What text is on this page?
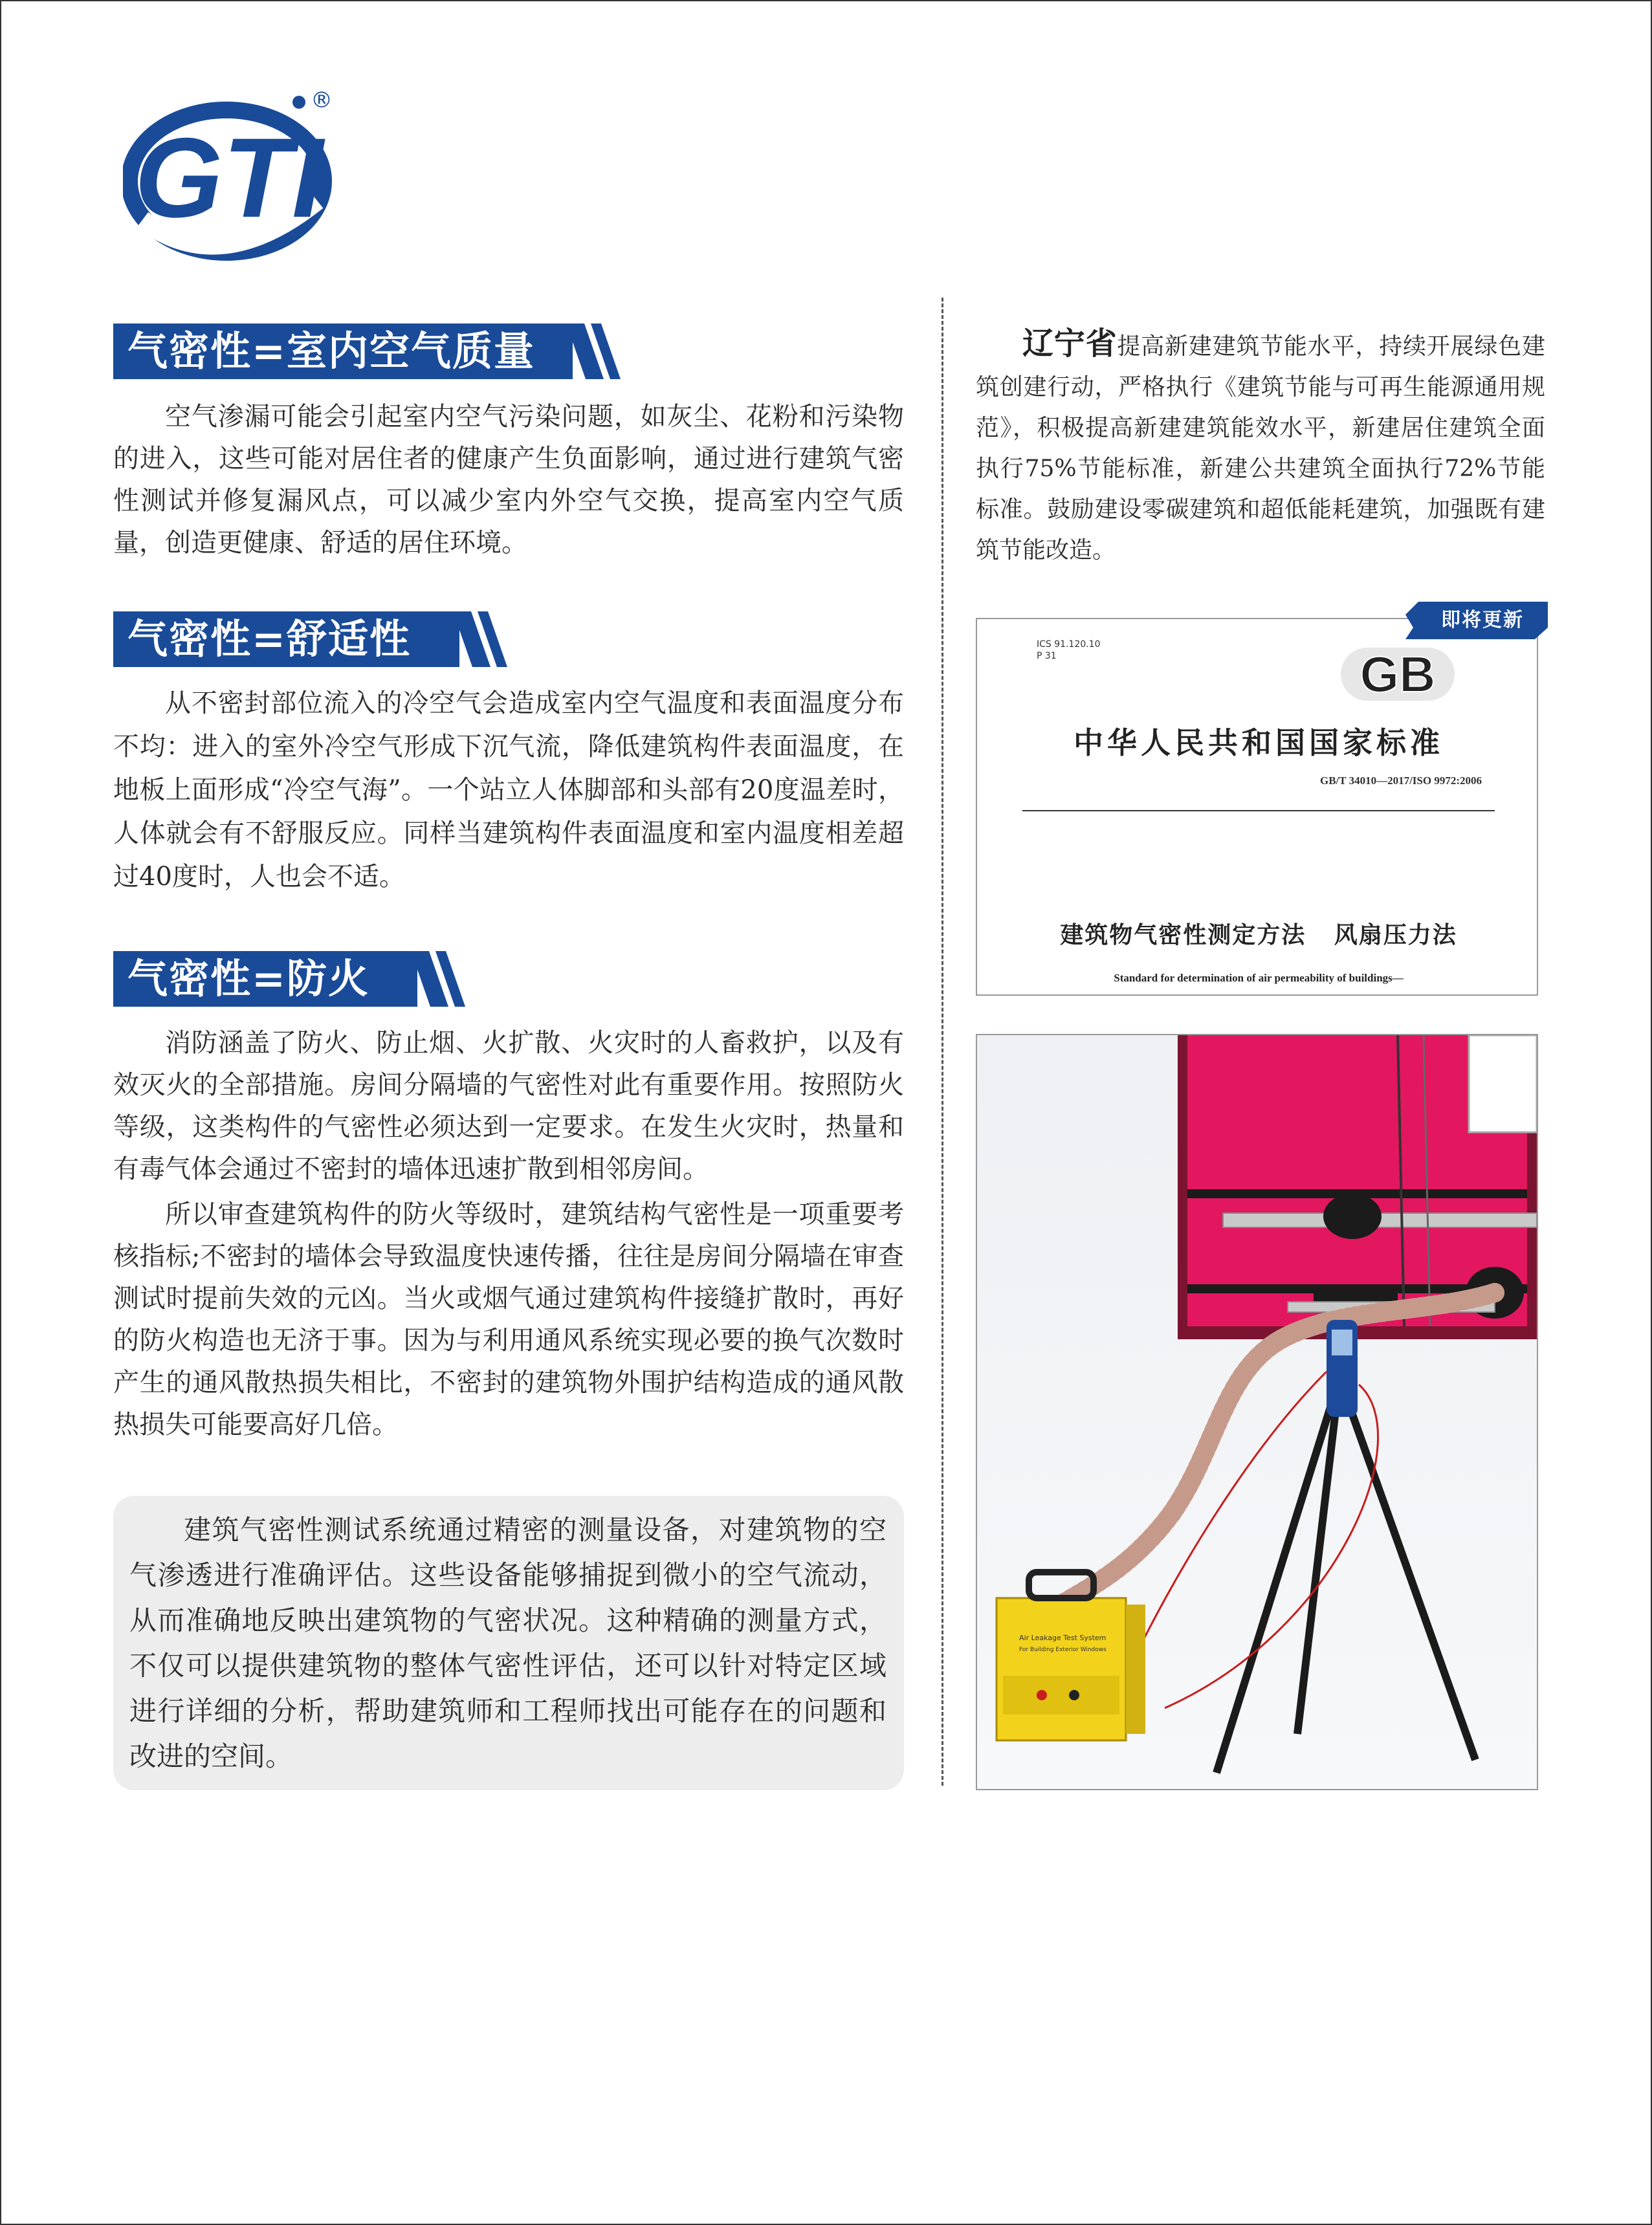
GTI
®
气密性=室内空气质量

空气渗漏可能会引起室内空气污染问题，如灰尘、花粉和污染物的进入，这些可能对居住者的健康产生负面影响，通过进行建筑气密性测试并修复漏风点，可以减少室内外空气交换，提高室内空气质量，创造更健康、舒适的居住环境。

气密性=舒适性

从不密封部位流入的冷空气会造成室内空气温度和表面温度分布不均：进入的室外冷空气形成下沉气流，降低建筑构件表面温度，在地板上面形成“冷空气海”。一个站立人体脚部和头部有20度温差时，人体就会有不舒服反应。同样当建筑构件表面温度和室内温度相差超过40度时，人也会不适。

气密性=防火

消防涵盖了防火、防止烟、火扩散、火灾时的人畜救护，以及有效灭火的全部措施。房间分隔墙的气密性对此有重要作用。按照防火等级，这类构件的气密性必须达到一定要求。在发生火灾时，热量和有毒气体会通过不密封的墙体迅速扩散到相邻房间。

所以审查建筑构件的防火等级时，建筑结构气密性是一项重要考核指标;不密封的墙体会导致温度快速传播，往往是房间分隔墙在审查测试时提前失效的元凶。当火或烟气通过建筑构件接缝扩散时，再好的防火构造也无济于事。因为与利用通风系统实现必要的换气次数时产生的通风散热损失相比，不密封的建筑物外围护结构造成的通风散热损失可能要高好几倍。

建筑气密性测试系统通过精密的测量设备，对建筑物的空气渗透进行准确评估。这些设备能够捕捉到微小的空气流动，从而准确地反映出建筑物的气密状况。这种精确的测量方式，不仅可以提供建筑物的整体气密性评估，还可以针对特定区域进行详细的分析，帮助建筑师和工程师找出可能存在的问题和改进的空间。

辽宁省提高新建建筑节能水平，持续开展绿色建筑创建行动，严格执行《建筑节能与可再生能源通用规范》，积极提高新建建筑能效水平，新建居住建筑全面执行75%节能标准，新建公共建筑全面执行72%节能标准。鼓励建设零碳建筑和超低能耗建筑，加强既有建筑节能改造。

ICS 91.120.10
P 31	GB
中华人民共和国国家标准
GB/T 34010—2017/ISO 9972:2006
建筑物气密性测定方法   风扇压力法
Standard for determination of air permeability of buildings—
即将更新
Air Leakage Test System
For Building Exterior Windows
